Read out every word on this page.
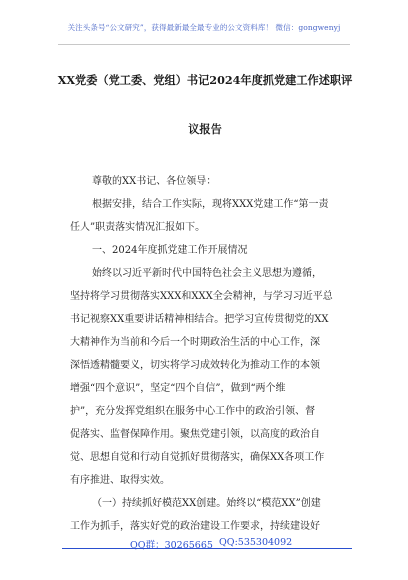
关注头条号“公文研究”，获得最新最全最专业的公文资料库！ 微信：gongwenyj
XX党委（党工委、党组）书记2024年度抓党建工作述职评
议报告
尊敬的XX书记、各位领导：
根据安排，结合工作实际，现将XXX党建工作“第一责
任人”职责落实情况汇报如下。
一、2024年度抓党建工作开展情况
始终以习近平新时代中国特色社会主义思想为遵循，
坚持将学习贯彻落实XXX和XXX全会精神，与学习习近平总
书记视察XX重要讲话精神相结合。把学习宣传贯彻党的XX
大精神作为当前和今后一个时期政治生活的中心工作，深
深悟透精髓要义，切实将学习成效转化为推动工作的本领
增强“四个意识”，坚定“四个自信”，做到“两个维
护”，充分发挥党组织在服务中心工作中的政治引领、督
促落实、监督保障作用。聚焦党建引领，以高度的政治自
觉、思想自觉和行动自觉抓好贯彻落实，确保XX各项工作
有序推进、取得实效。
（一）持续抓好模范XX创建。始终以“模范XX”创建
工作为抓手，落实好党的政治建设工作要求，持续建设好
QQ群：30265665 QQ:535304092
